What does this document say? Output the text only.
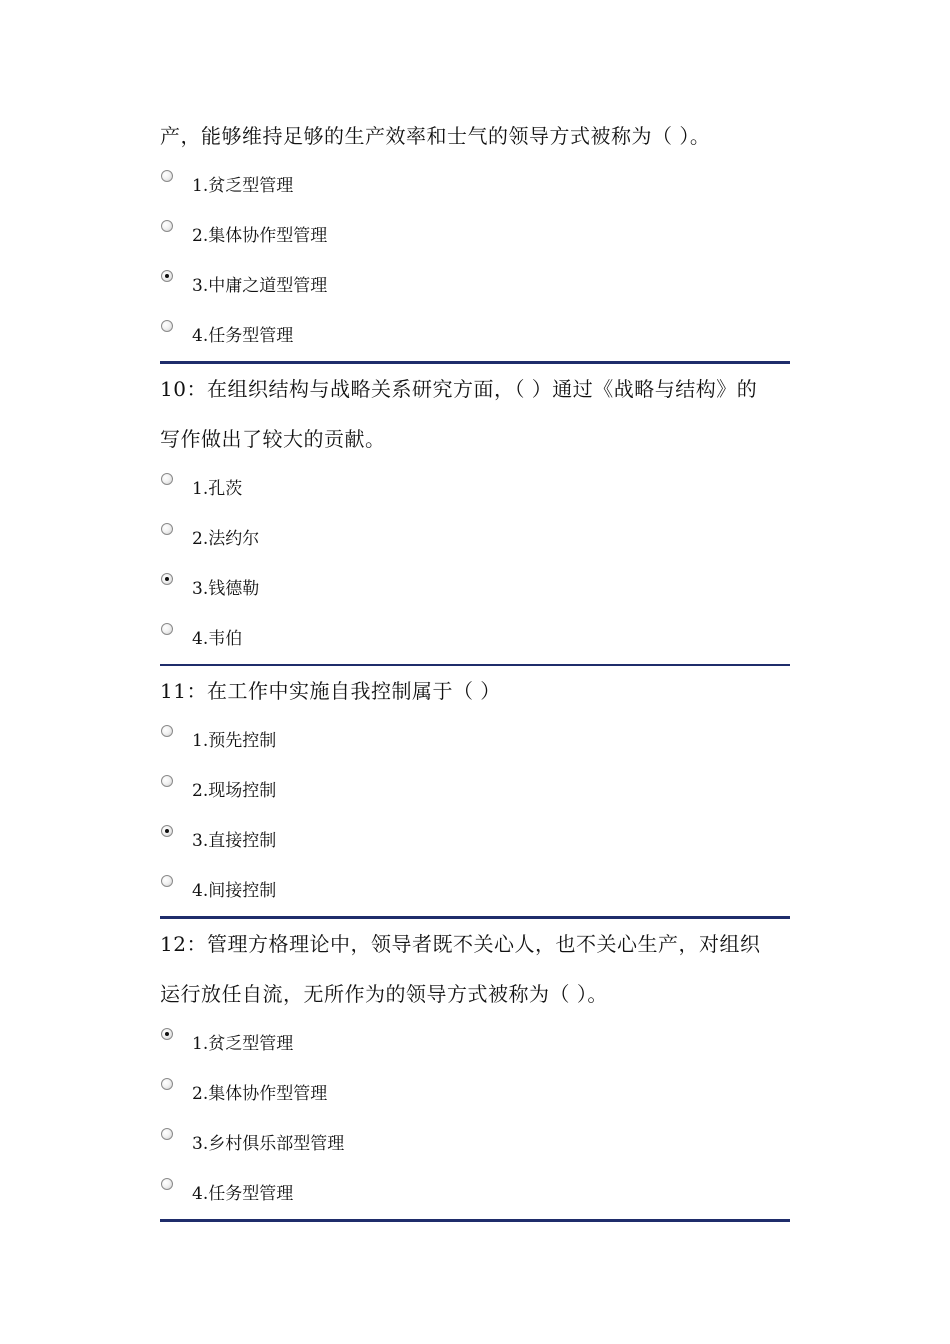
产，能够维持足够的生产效率和士气的领导方式被称为（ ）。

1.贫乏型管理
2.集体协作型管理
3.中庸之道型管理
4.任务型管理

10：在组织结构与战略关系研究方面，（ ）通过《战略与结构》的
写作做出了较大的贡献。

1.孔茨
2.法约尔
3.钱德勒
4.韦伯

11：在工作中实施自我控制属于（ ）

1.预先控制
2.现场控制
3.直接控制
4.间接控制

12：管理方格理论中，领导者既不关心人，也不关心生产，对组织
运行放任自流，无所作为的领导方式被称为（ ）。

1.贫乏型管理
2.集体协作型管理
3.乡村俱乐部型管理
4.任务型管理
